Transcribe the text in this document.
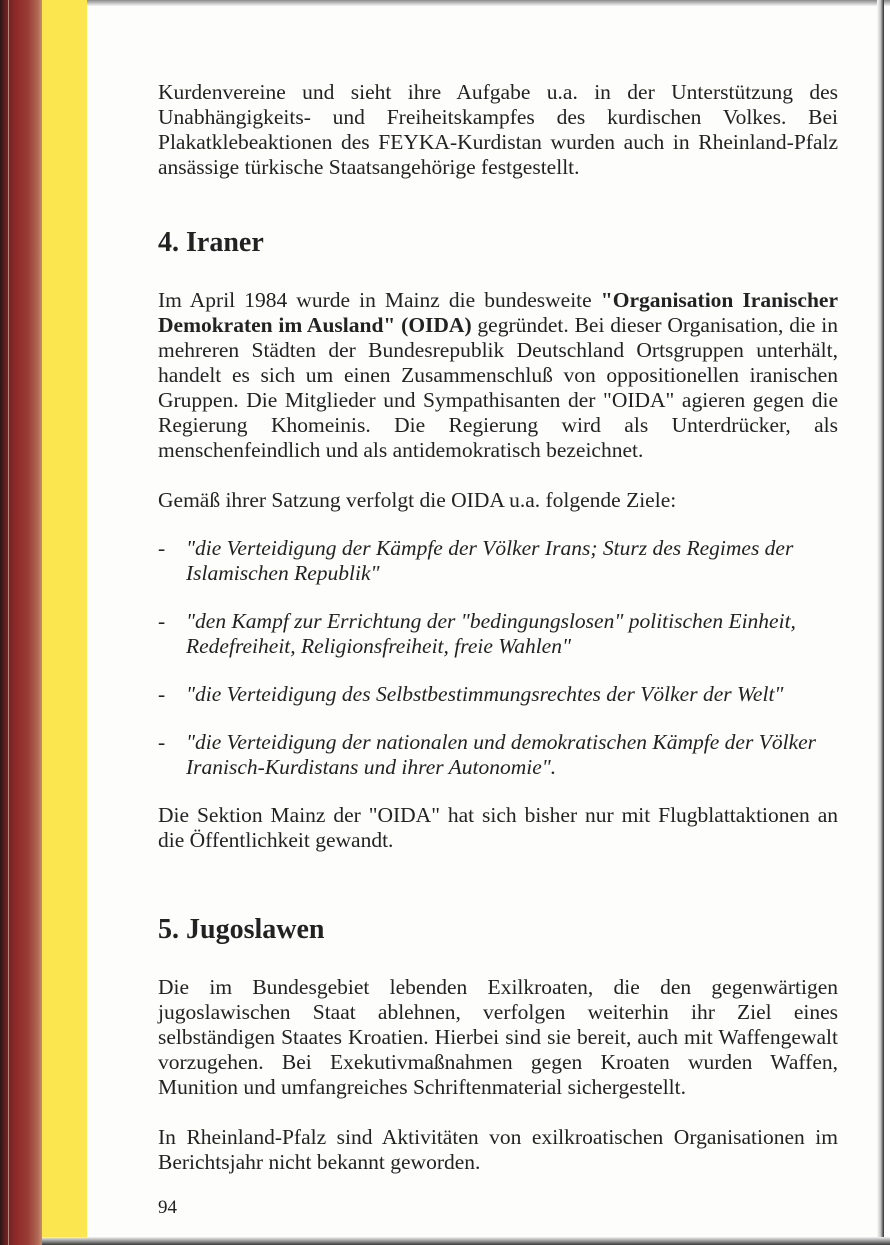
Kurdenvereine und sieht ihre Aufgabe u.a. in der Unterstützung des Unabhängigkeits- und Freiheitskampfes des kurdischen Volkes. Bei Plakatklebeaktionen des FEYKA-Kurdistan wurden auch in Rheinland-Pfalz ansässige türkische Staatsangehörige festgestellt.

4. Iraner

Im April 1984 wurde in Mainz die bundesweite "Organisation Iranischer Demokraten im Ausland" (OIDA) gegründet. Bei dieser Organisation, die in mehreren Städten der Bundesrepublik Deutschland Ortsgruppen unterhält, handelt es sich um einen Zusammenschluß von oppositionellen iranischen Gruppen. Die Mitglieder und Sympathisanten der "OIDA" agieren gegen die Regierung Khomeinis. Die Regierung wird als Unterdrücker, als menschenfeindlich und als antidemokratisch bezeichnet.

Gemäß ihrer Satzung verfolgt die OIDA u.a. folgende Ziele:

- "die Verteidigung der Kämpfe der Völker Irans; Sturz des Regimes der Islamischen Republik"
- "den Kampf zur Errichtung der "bedingungslosen" politischen Einheit, Redefreiheit, Religionsfreiheit, freie Wahlen"
- "die Verteidigung des Selbstbestimmungsrechtes der Völker der Welt"
- "die Verteidigung der nationalen und demokratischen Kämpfe der Völker Iranisch-Kurdistans und ihrer Autonomie".

Die Sektion Mainz der "OIDA" hat sich bisher nur mit Flugblattaktionen an die Öffentlichkeit gewandt.

5. Jugoslawen

Die im Bundesgebiet lebenden Exilkroaten, die den gegenwärtigen jugoslawischen Staat ablehnen, verfolgen weiterhin ihr Ziel eines selbständigen Staates Kroatien. Hierbei sind sie bereit, auch mit Waffengewalt vorzugehen. Bei Exekutivmaßnahmen gegen Kroaten wurden Waffen, Munition und umfangreiches Schriftenmaterial sichergestellt.

In Rheinland-Pfalz sind Aktivitäten von exilkroatischen Organisationen im Berichtsjahr nicht bekannt geworden.

94
